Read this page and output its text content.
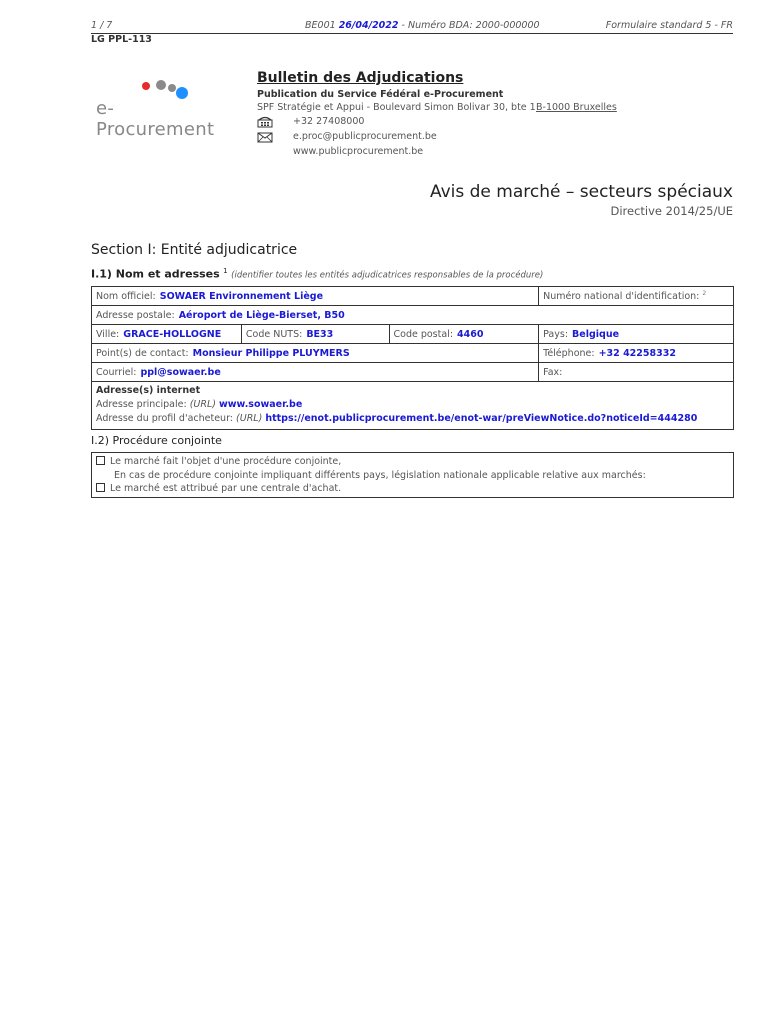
1 / 7	BE001 26/04/2022 - Numéro BDA: 2000-000000	Formulaire standard 5 - FR
LG PPL-113
e-Procurement
Bulletin des Adjudications
Publication du Service Fédéral e-Procurement
SPF Stratégie et Appui - Boulevard Simon Bolivar 30, bte 1 B-1000 Bruxelles
+32 27408000
e.proc@publicprocurement.be
www.publicprocurement.be
Avis de marché – secteurs spéciaux
Directive 2014/25/UE
Section I: Entité adjudicatrice
I.1) Nom et adresses $^1$ (identifier toutes les entités adjudicatrices responsables de la procédure)
Nom officiel: SOWAER Environnement Liège			Numéro national d'identification: $^2$
Adresse postale: Aéroport de Liège-Bierset, B50			
Ville: GRACE-HOLLOGNE	Code NUTS: BE33	Code postal: 4460	Pays: Belgique
Point(s) de contact: Monsieur Philippe PLUYMERS			Téléphone: +32 42258332
Courriel: ppl@sowaer.be			Fax:

Adresse(s) internet
Adresse principale: (URL) www.sowaer.be
Adresse du profil d'acheteur: (URL) https://enot.publicprocurement.be/enot-war/preViewNotice.do?noticeId=444280			
I.2) Procédure conjointe
Le marché fait l'objet d'une procédure conjointe,
En cas de procédure conjointe impliquant différents pays, législation nationale applicable relative aux marchés:
Le marché est attribué par une centrale d'achat.
